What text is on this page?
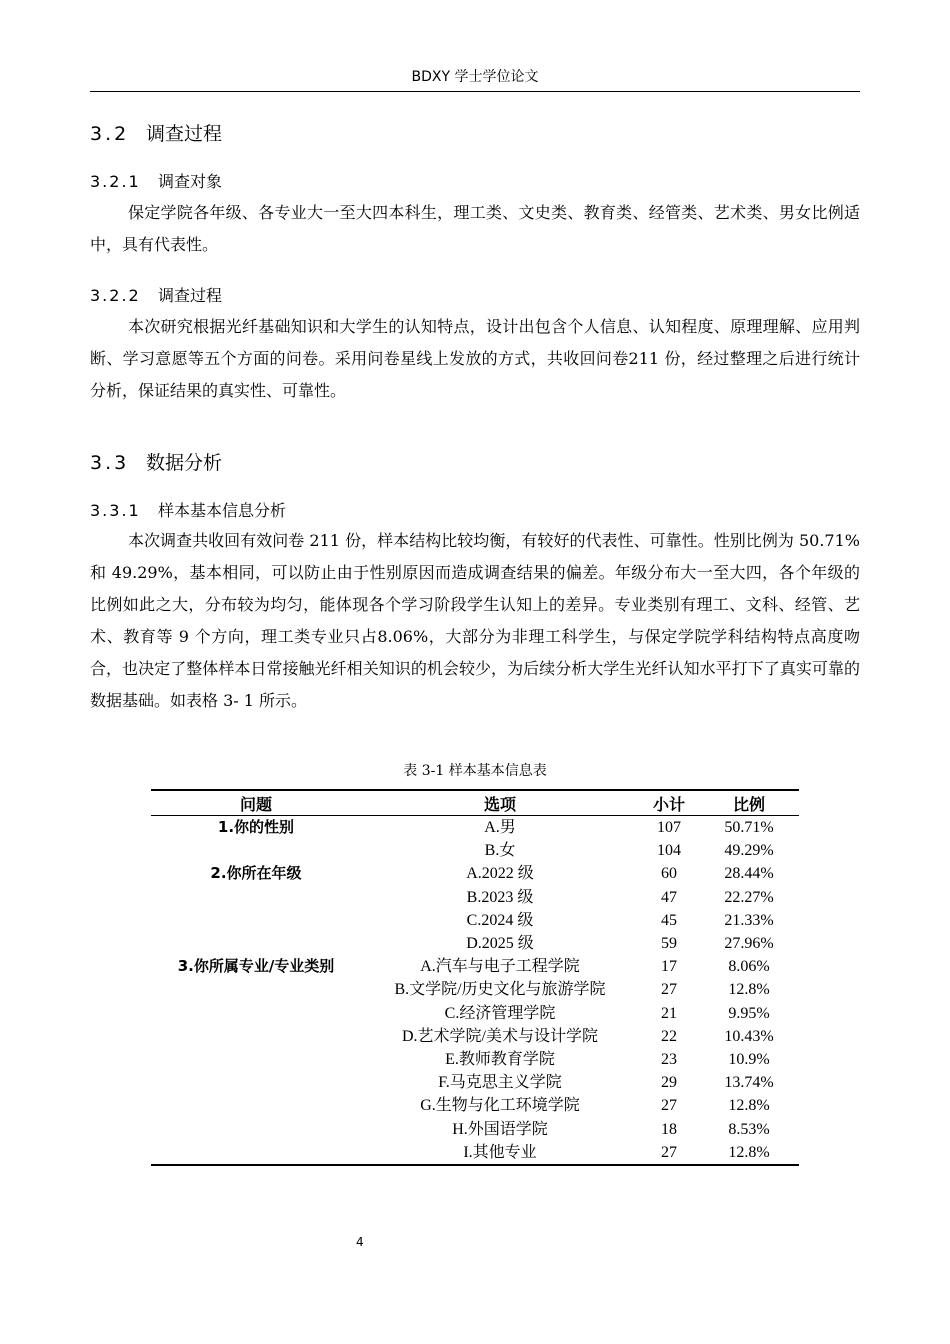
BDXY 学士学位论文
3.2 调查过程
3.2.1 调查对象
保定学院各年级、各专业大一至大四本科生，理工类、文史类、教育类、经管类、艺术类、男女比例适中，具有代表性。
3.2.2 调查过程
本次研究根据光纤基础知识和大学生的认知特点，设计出包含个人信息、认知程度、原理理解、应用判断、学习意愿等五个方面的问卷。采用问卷星线上发放的方式，共收回问卷211 份，经过整理之后进行统计分析，保证结果的真实性、可靠性。
3.3 数据分析
3.3.1 样本基本信息分析
本次调查共收回有效问卷 211 份，样本结构比较均衡，有较好的代表性、可靠性。性别比例为 50.71%和 49.29%，基本相同，可以防止由于性别原因而造成调查结果的偏差。年级分布大一至大四，各个年级的比例如此之大，分布较为均匀，能体现各个学习阶段学生认知上的差异。专业类别有理工、文科、经管、艺术、教育等 9 个方向，理工类专业只占8.06%，大部分为非理工科学生，与保定学院学科结构特点高度吻合，也决定了整体样本日常接触光纤相关知识的机会较少，为后续分析大学生光纤认知水平打下了真实可靠的数据基础。如表格 3- 1 所示。
表 3-1 样本基本信息表
问题	选项	小计	比例
1.你的性别	A.男	107	50.71%
	B.女	104	49.29%
2.你所在年级	A.2022 级	60	28.44%
	B.2023 级	47	22.27%
	C.2024 级	45	21.33%
	D.2025 级	59	27.96%
3.你所属专业/专业类别	A.汽车与电子工程学院	17	8.06%
	B.文学院/历史文化与旅游学院	27	12.8%
	C.经济管理学院	21	9.95%
	D.艺术学院/美术与设计学院	22	10.43%
	E.教师教育学院	23	10.9%
	F.马克思主义学院	29	13.74%
	G.生物与化工环境学院	27	12.8%
	H.外国语学院	18	8.53%
	I.其他专业	27	12.8%
4
